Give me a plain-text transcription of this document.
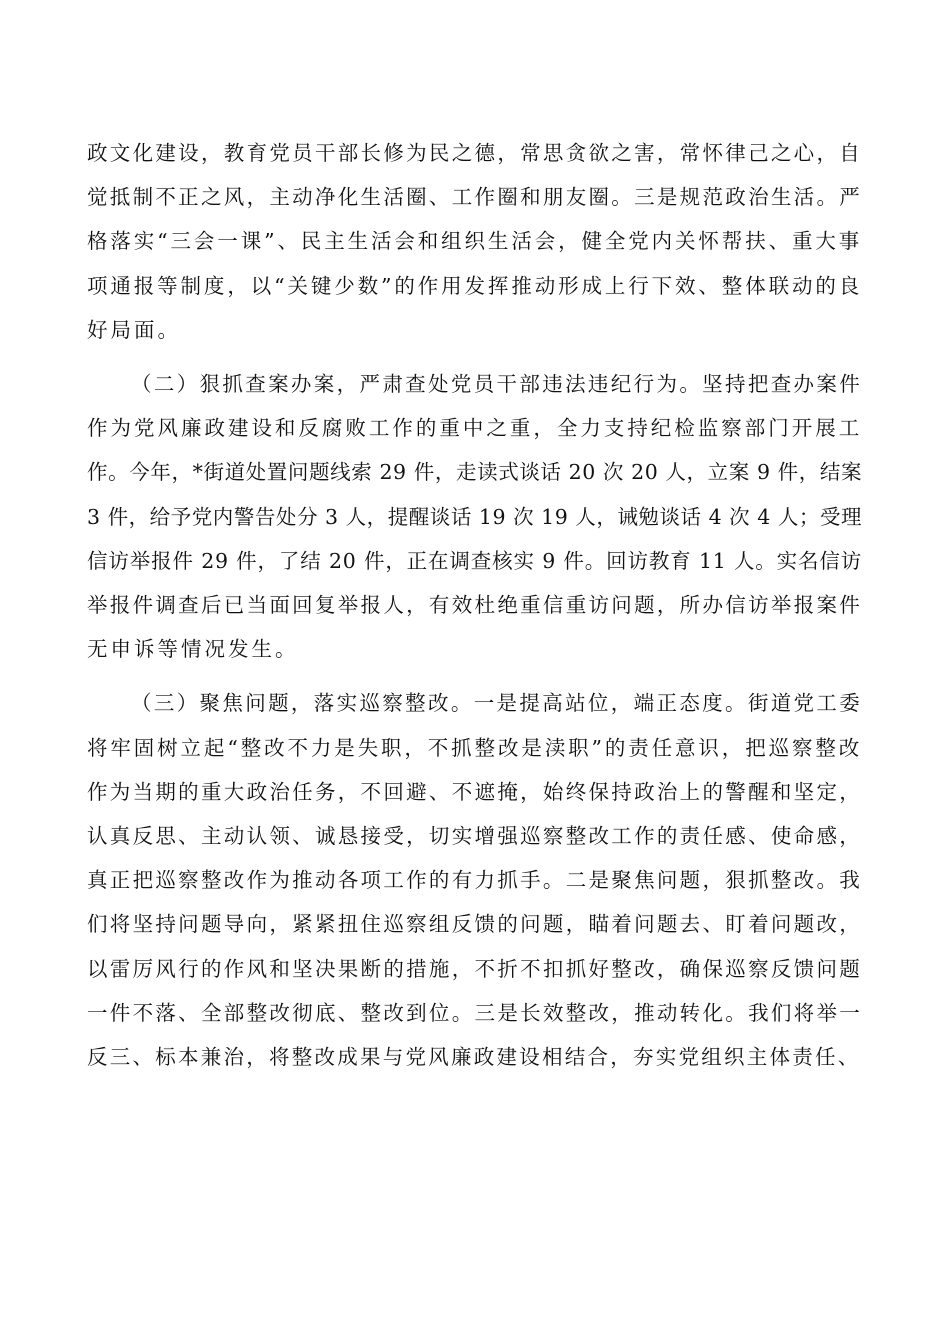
政文化建设，教育党员干部长修为民之德，常思贪欲之害，常怀律己之心，自
觉抵制不正之风，主动净化生活圈、工作圈和朋友圈。三是规范政治生活。严
格落实“三会一课”、民主生活会和组织生活会，健全党内关怀帮扶、重大事
项通报等制度，以“关键少数”的作用发挥推动形成上行下效、整体联动的良
好局面。

（二）狠抓查案办案，严肃查处党员干部违法违纪行为。坚持把查办案件
作为党风廉政建设和反腐败工作的重中之重，全力支持纪检监察部门开展工
作。今年，*街道处置问题线索 29 件，走读式谈话 20 次 20 人，立案 9 件，结案
3 件，给予党内警告处分 3 人，提醒谈话 19 次 19 人，诫勉谈话 4 次 4 人；受理
信访举报件 29 件，了结 20 件，正在调查核实 9 件。回访教育 11 人。实名信访
举报件调查后已当面回复举报人，有效杜绝重信重访问题，所办信访举报案件
无申诉等情况发生。

（三）聚焦问题，落实巡察整改。一是提高站位，端正态度。街道党工委
将牢固树立起“整改不力是失职，不抓整改是渎职”的责任意识，把巡察整改
作为当期的重大政治任务，不回避、不遮掩，始终保持政治上的警醒和坚定，
认真反思、主动认领、诚恳接受，切实增强巡察整改工作的责任感、使命感，
真正把巡察整改作为推动各项工作的有力抓手。二是聚焦问题，狠抓整改。我
们将坚持问题导向，紧紧扭住巡察组反馈的问题，瞄着问题去、盯着问题改，
以雷厉风行的作风和坚决果断的措施，不折不扣抓好整改，确保巡察反馈问题
一件不落、全部整改彻底、整改到位。三是长效整改，推动转化。我们将举一
反三、标本兼治，将整改成果与党风廉政建设相结合，夯实党组织主体责任、
